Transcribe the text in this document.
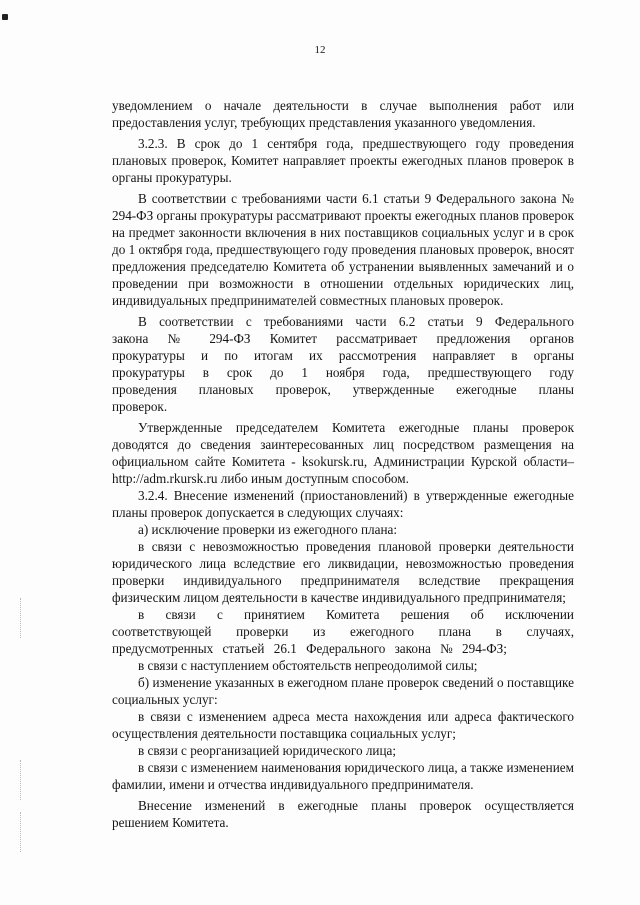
12

уведомлением о начале деятельности в случае выполнения работ или предоставления услуг, требующих представления указанного уведомления.

3.2.3. В срок до 1 сентября года, предшествующего году проведения плановых проверок, Комитет направляет проекты ежегодных планов проверок в органы прокуратуры.

В соответствии с требованиями части 6.1 статьи 9 Федерального закона № 294-ФЗ органы прокуратуры рассматривают проекты ежегодных планов проверок на предмет законности включения в них поставщиков социальных услуг и в срок до 1 октября года, предшествующего году проведения плановых проверок, вносят предложения председателю Комитета об устранении выявленных замечаний и о проведении при возможности в отношении отдельных юридических лиц, индивидуальных предпринимателей совместных плановых проверок.

В соответствии с требованиями части 6.2 статьи 9 Федерального закона № 294-ФЗ Комитет рассматривает предложения органов прокуратуры и по итогам их рассмотрения направляет в органы прокуратуры в срок до 1 ноября года, предшествующего году проведения плановых проверок, утвержденные ежегодные планы проверок.

Утвержденные председателем Комитета ежегодные планы проверок доводятся до сведения заинтересованных лиц посредством размещения на официальном сайте Комитета - ksokursk.ru, Администрации Курской области– http://adm.rkursk.ru либо иным доступным способом.

3.2.4. Внесение изменений (приостановлений) в утвержденные ежегодные планы проверок допускается в следующих случаях:

а) исключение проверки из ежегодного плана:

в связи с невозможностью проведения плановой проверки деятельности юридического лица вследствие его ликвидации, невозможностью проведения проверки индивидуального предпринимателя вследствие прекращения физическим лицом деятельности в качестве индивидуального предпринимателя;

в связи с принятием Комитета решения об исключении соответствующей проверки из ежегодного плана в случаях, предусмотренных статьей 26.1 Федерального закона № 294-ФЗ;

в связи с наступлением обстоятельств непреодолимой силы;

б) изменение указанных в ежегодном плане проверок сведений о поставщике социальных услуг:

в связи с изменением адреса места нахождения или адреса фактического осуществления деятельности поставщика социальных услуг;

в связи с реорганизацией юридического лица;

в связи с изменением наименования юридического лица, а также изменением фамилии, имени и отчества индивидуального предпринимателя.

Внесение изменений в ежегодные планы проверок осуществляется решением Комитета.
